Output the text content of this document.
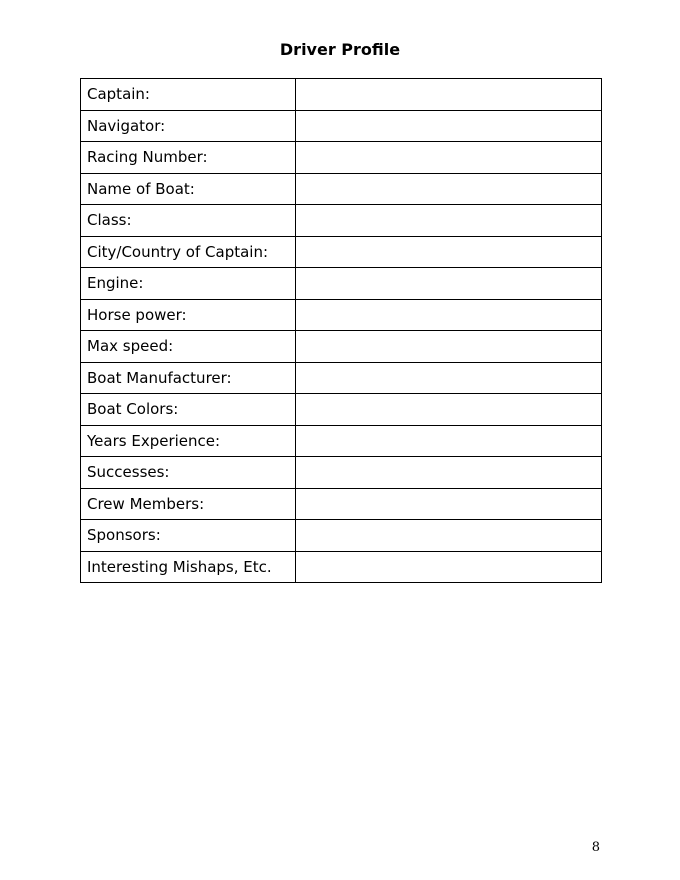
Driver Profile
Captain:	
Navigator:	
Racing Number:	
Name of Boat:	
Class:	
City/Country of Captain:	
Engine:	
Horse power:	
Max speed:	
Boat Manufacturer:	
Boat Colors:	
Years Experience:	
Successes:	
Crew Members:	
Sponsors:	
Interesting Mishaps, Etc.	
8
